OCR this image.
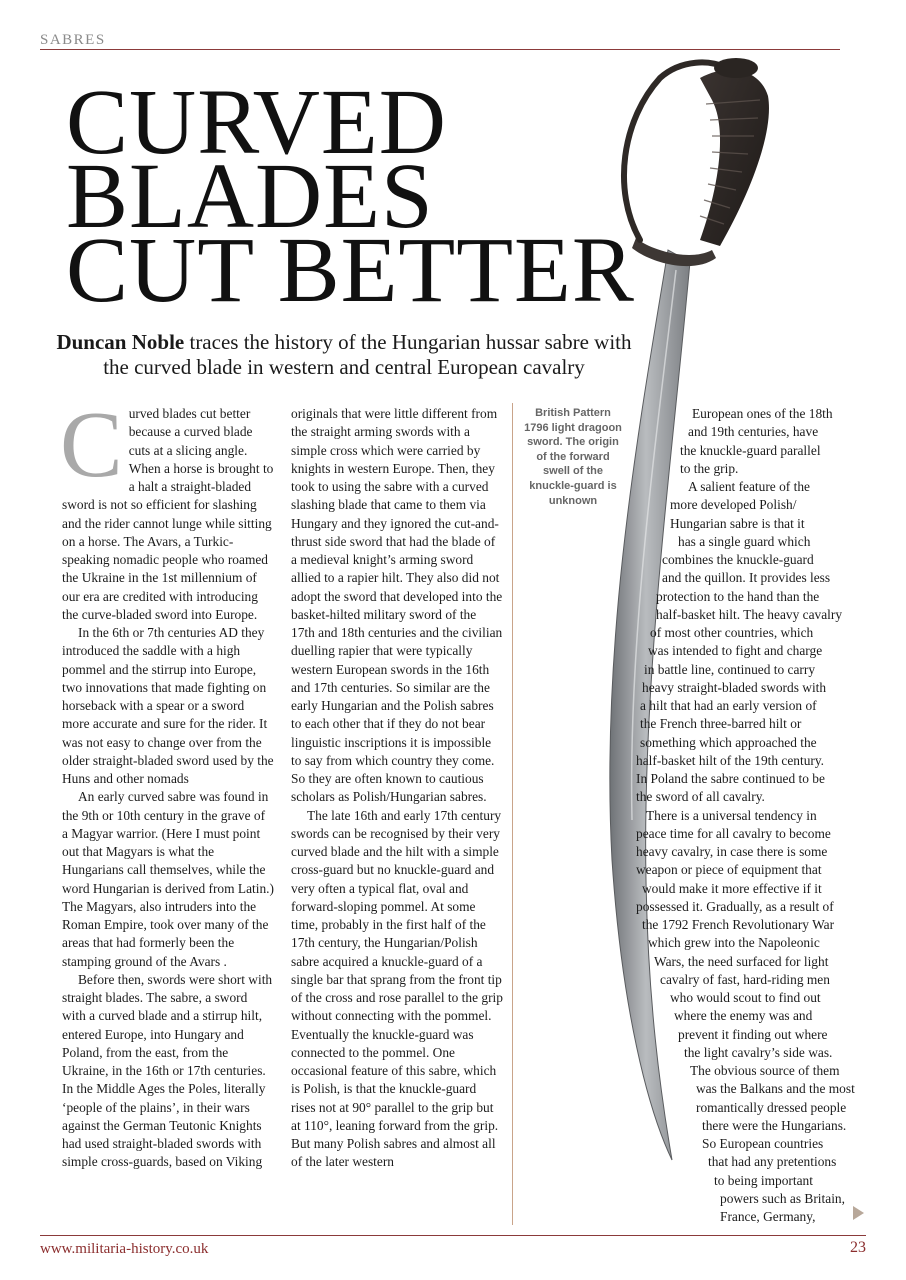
SABRES
CURVED
BLADES
CUT BETTER
Duncan Noble traces the history of the Hungarian hussar sabre with the curved blade in western and central European cavalry
C urved blades cut better because a curved blade cuts at a slicing angle. When a horse is brought to a halt a straight-bladed sword is not so efficient for slashing and the rider cannot lunge while sitting on a horse. The Avars, a Turkic-speaking nomadic people who roamed the Ukraine in the 1st millennium of our era are credited with introducing the curve-bladed sword into Europe.

In the 6th or 7th centuries AD they introduced the saddle with a high pommel and the stirrup into Europe, two innovations that made fighting on horseback with a spear or a sword more accurate and sure for the rider. It was not easy to change over from the older straight-bladed sword used by the Huns and other nomads

An early curved sabre was found in the 9th or 10th century in the grave of a Magyar warrior. (Here I must point out that Magyars is what the Hungarians call themselves, while the word Hungarian is derived from Latin.) The Magyars, also intruders into the Roman Empire, took over many of the areas that had formerly been the stamping ground of the Avars .

Before then, swords were short with straight blades. The sabre, a sword with a curved blade and a stirrup hilt, entered Europe, into Hungary and Poland, from the east, from the Ukraine, in the 16th or 17th centuries. In the Middle Ages the Poles, literally ‘people of the plains’, in their wars against the German Teutonic Knights had used straight-bladed swords with simple cross-guards, based on Viking

originals that were little different from the straight arming swords with a simple cross which were carried by knights in western Europe. Then, they took to using the sabre with a curved slashing blade that came to them via Hungary and they ignored the cut-and-thrust side sword that had the blade of a medieval knight’s arming sword allied to a rapier hilt. They also did not adopt the sword that developed into the basket-hilted military sword of the 17th and 18th centuries and the civilian duelling rapier that were typically western European swords in the 16th and 17th centuries. So similar are the early Hungarian and the Polish sabres to each other that if they do not bear linguistic inscriptions it is impossible to say from which country they come. So they are often known to cautious scholars as Polish/Hungarian sabres.

The late 16th and early 17th century swords can be recognised by their very curved blade and the hilt with a simple cross-guard but no knuckle-guard and very often a typical flat, oval and forward-sloping pommel. At some time, probably in the first half of the 17th century, the Hungarian/Polish sabre acquired a knuckle-guard of a single bar that sprang from the front tip of the cross and rose parallel to the grip without connecting with the pommel. Eventually the knuckle-guard was connected to the pommel. One occasional feature of this sabre, which is Polish, is that the knuckle-guard rises not at 90° parallel to the grip but at 110°, leaning forward from the grip. But many Polish sabres and almost all of the later western

British Pattern 1796 light dragoon sword. The origin of the forward swell of the knuckle-guard is unknown
European ones of the 18th
and 19th centuries, have
the knuckle-guard parallel
to the grip.
A salient feature of the
more developed Polish/
Hungarian sabre is that it
has a single guard which
combines the knuckle-guard
and the quillon. It provides less
protection to the hand than the
half-basket hilt. The heavy cavalry
of most other countries, which
was intended to fight and charge
in battle line, continued to carry
heavy straight-bladed swords with
a hilt that had an early version of
the French three-barred hilt or
something which approached the
half-basket hilt of the 19th century.
In Poland the sabre continued to be
the sword of all cavalry.
There is a universal tendency in
peace time for all cavalry to become
heavy cavalry, in case there is some
weapon or piece of equipment that
would make it more effective if it
possessed it. Gradually, as a result of
the 1792 French Revolutionary War
which grew into the Napoleonic
Wars, the need surfaced for light
cavalry of fast, hard-riding men
who would scout to find out
where the enemy was and
prevent it finding out where
the light cavalry’s side was.
The obvious source of them
was the Balkans and the most
romantically dressed people
there were the Hungarians.
So European countries
that had any pretentions
to being important
powers such as Britain,
France, Germany,
www.militaria-history.co.uk	23
